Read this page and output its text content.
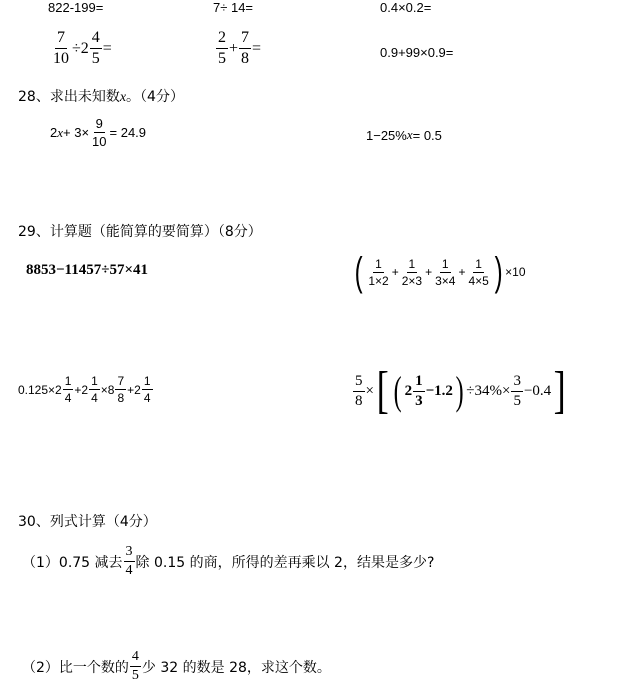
822-199=	7÷ 14=	0.4×0.2=
$\frac{7}{10} \div 2 \frac{4}{5}$ =	$\frac{2}{5} + \frac{7}{8}$ =	0.9+99×0.9=
28、求出未知数x。（4分）
2 $x + 3\times \frac{9}{10} = 24.9$	1−25% x = 0.5
29、计算题（能简算的要简算）（8分）
8853−11457÷57×41	( $\frac{1}{1\times 2} + \frac{1}{2\times 3} + \frac{1}{3\times 4} + \frac{1}{4\times 5}$ ) ×10
$0.125\times 2 \frac{1}{4} +2 \frac{1}{4} \times 8 \frac{7}{8} +2 \frac{1}{4}$	$\frac{5}{8}$ × [ ( $2 \frac{1}{3} -1.2$ ) $\div 34\%\times \frac{3}{5} -0.4$ ]
30、列式计算（4分）
（1）0.75 减去 $\frac{3}{4}$ 除 0.15 的商，所得的差再乘以 2，结果是多少?
（2）比一个数的 $\frac{4}{5}$ 少 32 的数是 28，求这个数。
